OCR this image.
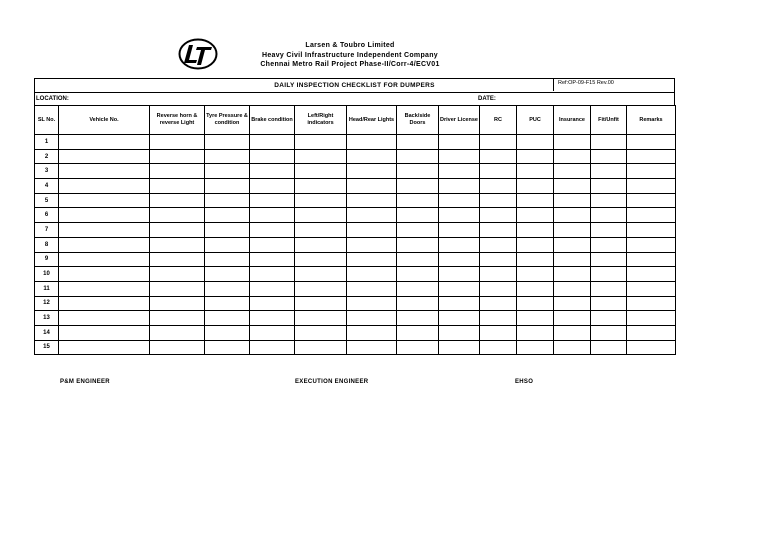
Larsen & Toubro Limited
Heavy Civil Infrastructure Independent Company
Chennai Metro Rail Project Phase-II/Corr-4/ECV01
DAILY INSPECTION CHECKLIST FOR DUMPERS	Ref:OP-09-F15 Rev.00
LOCATION:	DATE:
SL No.	Vehicle No.	Reverse horn & reverse Light	Tyre Pressure & condition	Brake condition	Left/Right indicators	Head/Rear Lights	Back/side Doors	Driver License	RC	PUC	Insurance	Fit/Unfit	Remarks
1													
2													
3													
4													
5													
6													
7													
8													
9													
10													
11													
12													
13													
14													
15													
P&M ENGINEER	EXECUTION ENGINEER	EHSO
